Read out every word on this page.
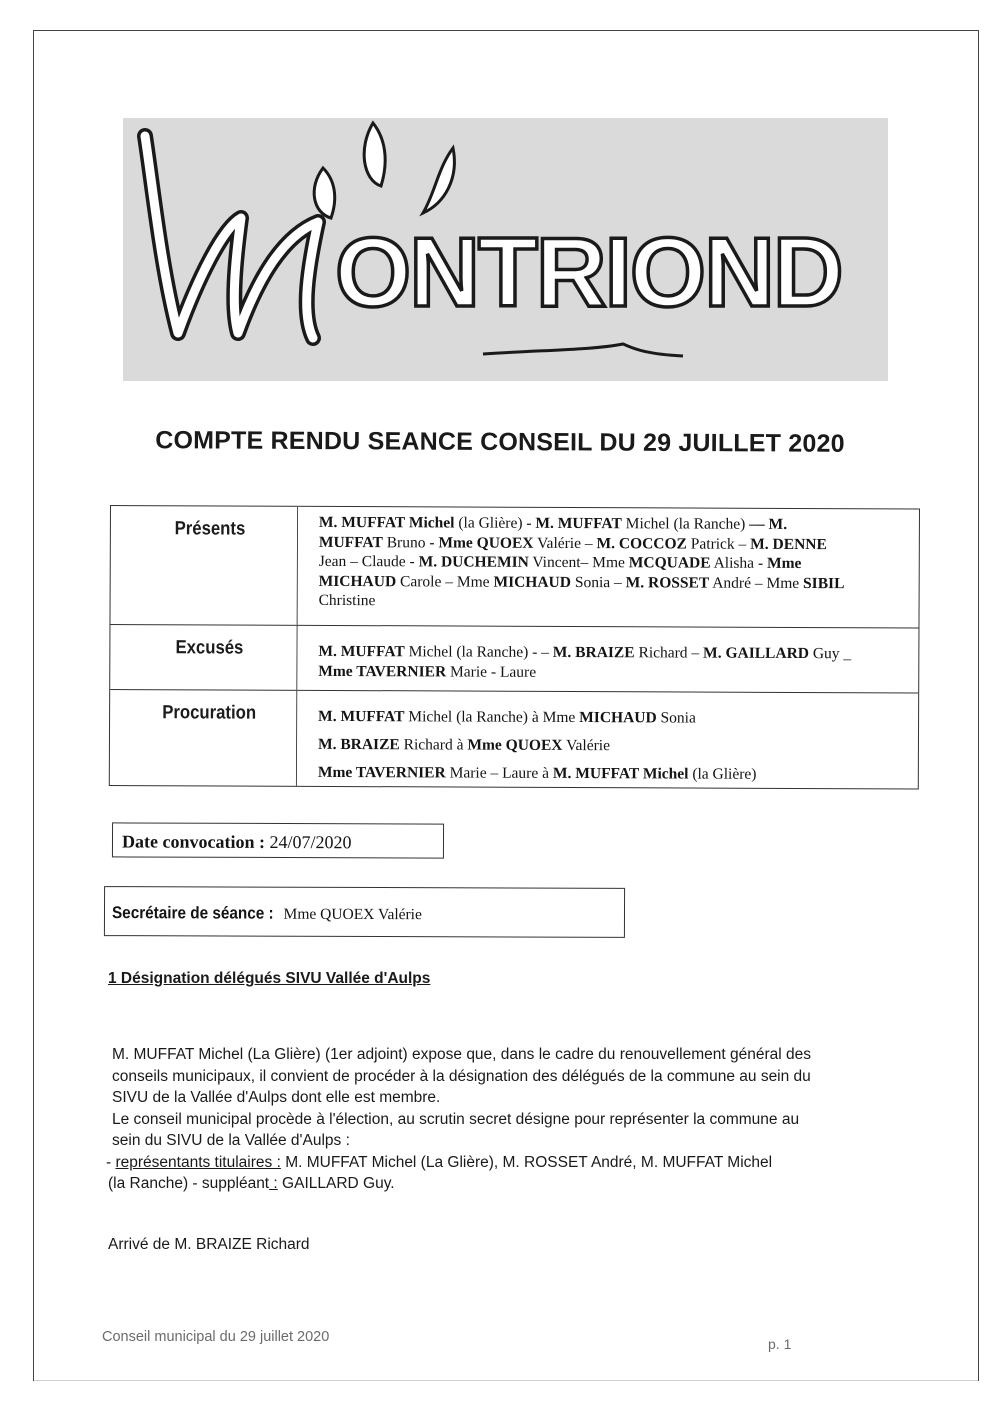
ONTRIOND
COMPTE RENDU SEANCE CONSEIL DU 29 JUILLET 2020
Présents	M. MUFFAT Michel (la Glière) - M. MUFFAT Michel (la Ranche) — M.
MUFFAT Bruno - Mme QUOEX Valérie – M. COCCOZ Patrick – M. DENNE
Jean – Claude - M. DUCHEMIN Vincent– Mme MCQUADE Alisha - Mme
MICHAUD Carole – Mme MICHAUD Sonia – M. ROSSET André – Mme SIBIL
Christine
Excusés	M. MUFFAT Michel (la Ranche) - – M. BRAIZE Richard – M. GAILLARD Guy _
Mme TAVERNIER Marie - Laure
Procuration	M. MUFFAT Michel (la Ranche) à Mme MICHAUD Sonia
M. BRAIZE Richard à Mme QUOEX Valérie
Mme TAVERNIER Marie – Laure à M. MUFFAT Michel (la Glière)
Date convocation : 24/07/2020
Secrétaire de séance : Mme QUOEX Valérie
1 Désignation délégués SIVU Vallée d'Aulps
M. MUFFAT Michel (La Glière) (1er adjoint) expose que, dans le cadre du renouvellement général des
conseils municipaux, il convient de procéder à la désignation des délégués de la commune au sein du
SIVU de la Vallée d'Aulps dont elle est membre.
Le conseil municipal procède à l'élection, au scrutin secret désigne pour représenter la commune au
sein du SIVU de la Vallée d'Aulps :
- représentants titulaires : M. MUFFAT Michel (La Glière), M. ROSSET André, M. MUFFAT Michel
(la Ranche) - suppléant : GAILLARD Guy.
Arrivé de M. BRAIZE Richard
Conseil municipal du 29 juillet 2020	p. 1
